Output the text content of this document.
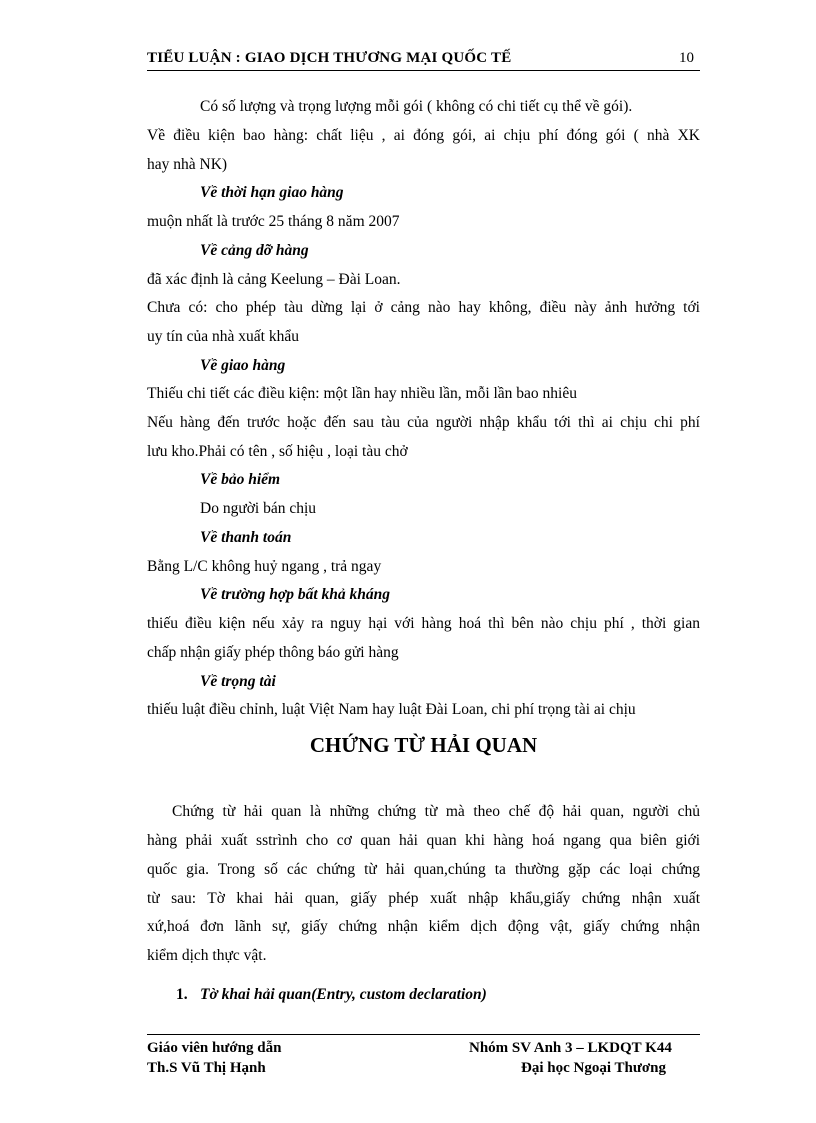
TIỂU LUẬN : GIAO DỊCH THƯƠNG MẠI QUỐC TẾ	10
Có số lượng và trọng lượng mỗi gói ( không có chi tiết cụ thể về gói).
Về điều kiện bao hàng: chất liệu , ai đóng gói, ai chịu phí đóng gói ( nhà XK
hay nhà NK)
Về thời hạn giao hàng
muộn nhất là trước 25 tháng 8 năm 2007
Về cảng dỡ hàng
đã xác định là cảng Keelung – Đài Loan.
Chưa có: cho phép tàu dừng lại ở cảng nào hay không, điều này ảnh hưởng tới
uy tín của nhà xuất khẩu
Về giao hàng
Thiếu chi tiết các điều kiện: một lần hay nhiều lần, mỗi lần bao nhiêu
Nếu hàng đến trước hoặc đến sau tàu của người nhập khẩu tới thì ai chịu chi phí
lưu kho.Phải có tên , số hiệu , loại tàu chở
Về bảo hiểm
Do người bán chịu
Về thanh toán
Bằng L/C không huỷ ngang , trả ngay
Về trường hợp bất khả kháng
thiếu điều kiện nếu xảy ra nguy hại với hàng hoá thì bên nào chịu phí , thời gian
chấp nhận giấy phép thông báo gửi hàng
Về trọng tài
thiếu luật điều chỉnh, luật Việt Nam hay luật Đài Loan, chi phí trọng tài ai chịu
CHỨNG TỪ HẢI QUAN
Chứng từ hải quan là những chứng từ mà theo chế độ hải quan, người chủ
hàng phải xuất sstrình cho cơ quan hải quan khi hàng hoá ngang qua biên giới
quốc gia. Trong số các chứng từ hải quan,chúng ta thường gặp các loại chứng
từ sau: Tờ khai hải quan, giấy phép xuất nhập khẩu,giấy chứng nhận xuất
xứ,hoá đơn lãnh sự, giấy chứng nhận kiểm dịch động vật, giấy chứng nhận
kiểm dịch thực vật.
1. Tờ khai hải quan(Entry, custom declaration)
Giáo viên hướng dẫn
Th.S Vũ Thị Hạnh
Nhóm SV Anh 3 – LKDQT K44
Đại học Ngoại Thương
